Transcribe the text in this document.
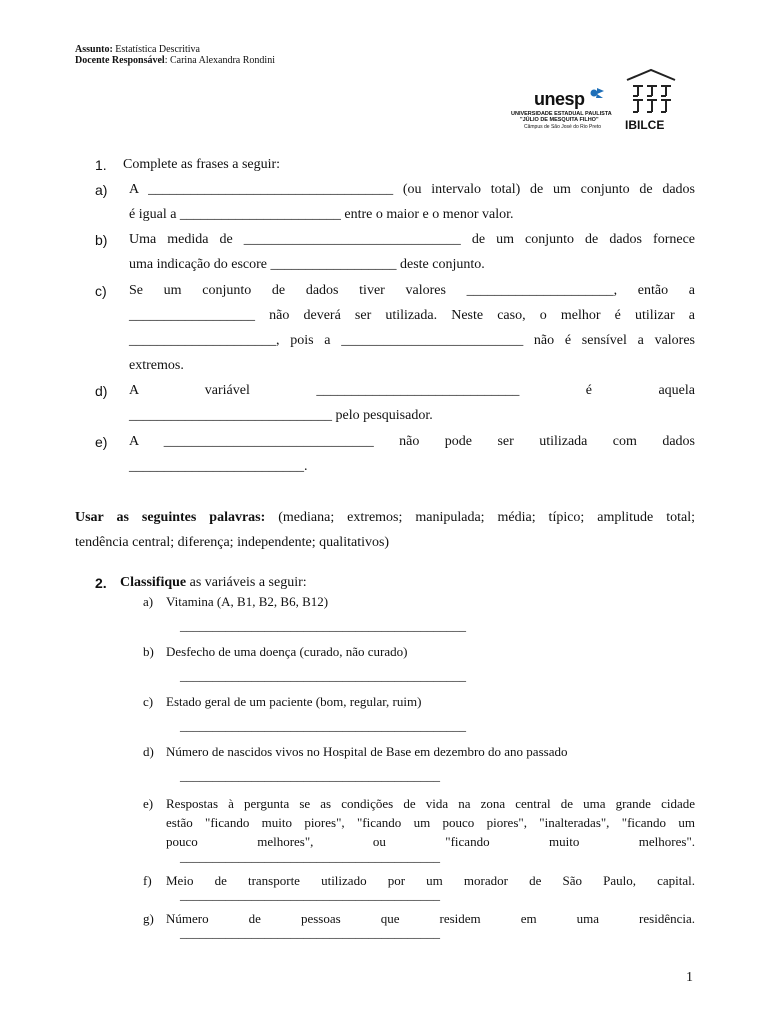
Assunto: Estatística Descritiva
Docente Responsável: Carina Alexandra Rondini
unesp
UNIVERSIDADE ESTADUAL PAULISTA
"JÚLIO DE MESQUITA FILHO"
Câmpus de São José do Rio Preto IBILCE
1. Complete as frases a seguir:
a) A ___________________________________ (ou intervalo total) de um conjunto de dados
é igual a _______________________ entre o maior e o menor valor.
b) Uma medida de _______________________________ de um conjunto de dados fornece
uma indicação do escore __________________ deste conjunto.
c) Se um conjunto de dados tiver valores _____________________, então a
__________________ não deverá ser utilizada. Neste caso, o melhor é utilizar a
_____________________, pois a __________________________ não é sensível a valores
extremos.
d) A variável _____________________________ é aquela
_____________________________ pelo pesquisador.
e) A ______________________________ não pode ser utilizada com dados
_________________________.
Usar as seguintes palavras: (mediana; extremos; manipulada; média; típico; amplitude total;
tendência central; diferença; independente; qualitativos)
2. Classifique as variáveis a seguir:
a) Vitamina (A, B1, B2, B6, B12)
____________________________________________
b) Desfecho de uma doença (curado, não curado)
____________________________________________
c) Estado geral de um paciente (bom, regular, ruim)
____________________________________________
d) Número de nascidos vivos no Hospital de Base em dezembro do ano passado
________________________________________
e) Respostas à pergunta se as condições de vida na zona central de uma grande cidade
estão "ficando muito piores", "ficando um pouco piores", "inalteradas", "ficando um
pouco melhores", ou "ficando muito melhores".
________________________________________
f) Meio de transporte utilizado por um morador de São Paulo, capital.
________________________________________
g) Número de pessoas que residem em uma residência.
________________________________________
1
